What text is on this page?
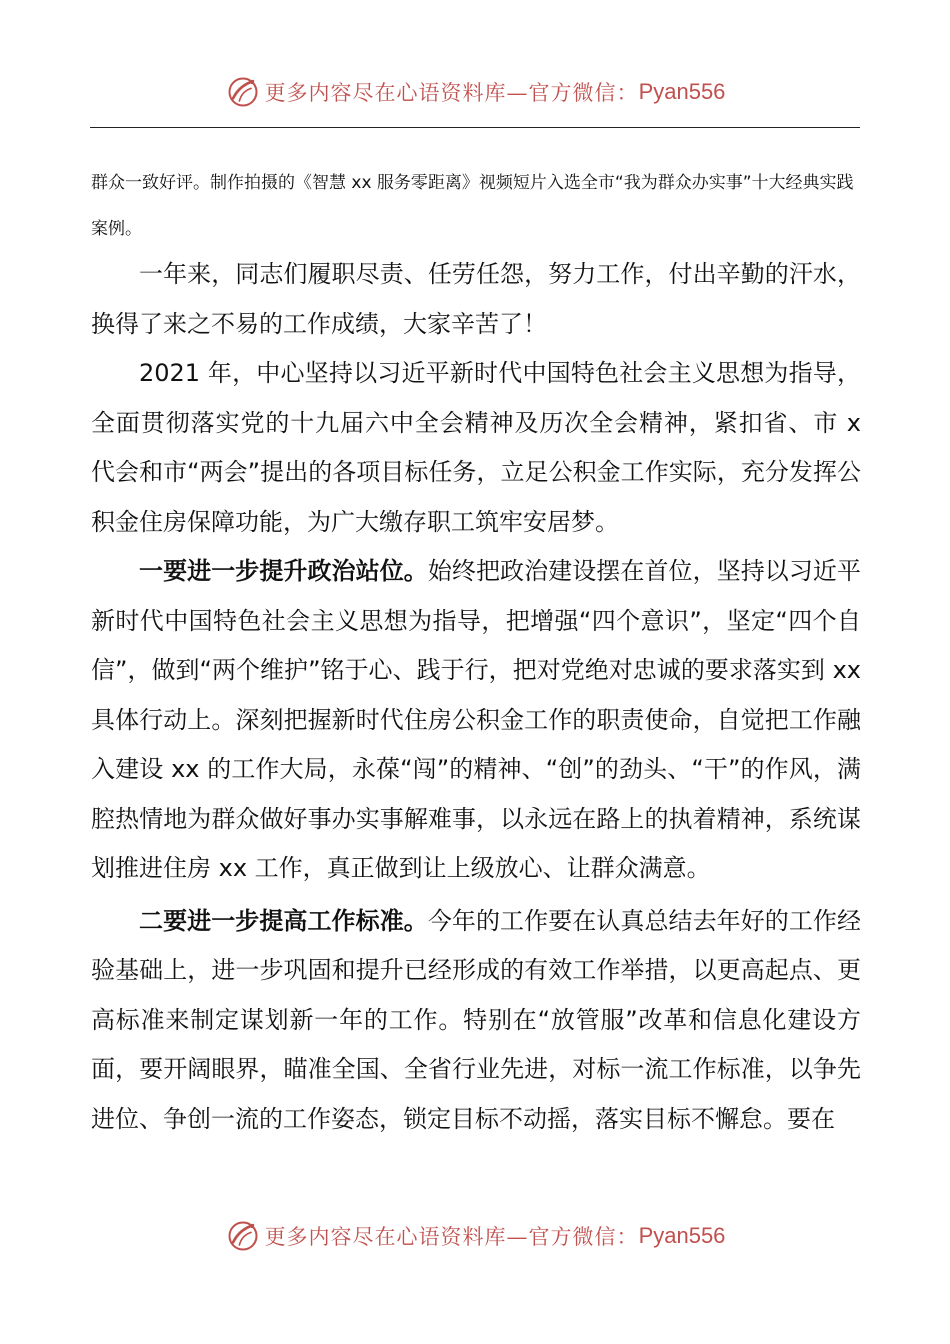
更多内容尽在心语资料库—官方微信： Pyan556

群众一致好评。制作拍摄的《智慧 xx 服务零距离》视频短片入选全市“我为群众办实事”十大经典实践案例。

一年来，同志们履职尽责、任劳任怨，努力工作，付出辛勤的汗水，换得了来之不易的工作成绩，大家辛苦了！

2021 年，中心坚持以习近平新时代中国特色社会主义思想为指导，全面贯彻落实党的十九届六中全会精神及历次全会精神，紧扣省、市 x 代会和市“两会”提出的各项目标任务，立足公积金工作实际，充分发挥公积金住房保障功能，为广大缴存职工筑牢安居梦。

一要进一步提升政治站位。始终把政治建设摆在首位，坚持以习近平新时代中国特色社会主义思想为指导，把增强“四个意识”，坚定“四个自信”，做到“两个维护”铭于心、践于行，把对党绝对忠诚的要求落实到 xx 具体行动上。深刻把握新时代住房公积金工作的职责使命，自觉把工作融入建设 xx 的工作大局，永葆“闯”的精神、“创”的劲头、“干”的作风，满腔热情地为群众做好事办实事解难事，以永远在路上的执着精神，系统谋划推进住房 xx 工作，真正做到让上级放心、让群众满意。

二要进一步提高工作标准。今年的工作要在认真总结去年好的工作经验基础上，进一步巩固和提升已经形成的有效工作举措，以更高起点、更高标准来制定谋划新一年的工作。特别在“放管服”改革和信息化建设方面，要开阔眼界，瞄准全国、全省行业先进，对标一流工作标准，以争先进位、争创一流的工作姿态，锁定目标不动摇，落实目标不懈怠。要在

更多内容尽在心语资料库—官方微信： Pyan556
